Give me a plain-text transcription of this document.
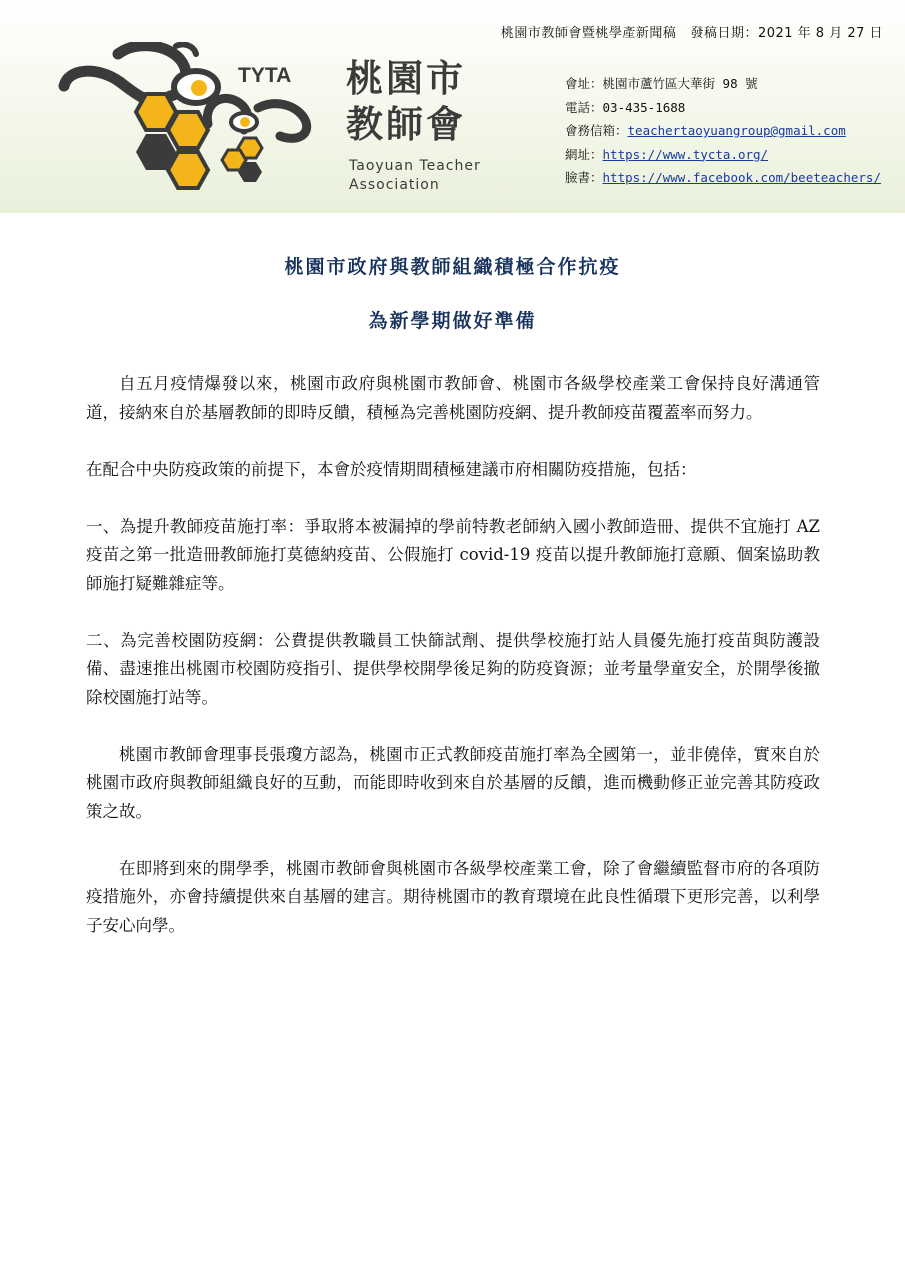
桃園市教師會暨桃學產新聞稿 發稿日期：2021 年 8 月 27 日
TYTA 桃園市
教師會
Taoyuan Teacher
Association
會址：桃園市蘆竹區大華街 98 號
電話：03-435-1688
會務信箱：teachertaoyuangroup@gmail.com
網址：https://www.tycta.org/
臉書：https://www.facebook.com/beeteachers/
桃園市政府與教師組織積極合作抗疫
為新學期做好準備

自五月疫情爆發以來，桃園市政府與桃園市教師會、桃園市各級學校產業工會保持良好溝通管道，接納來自於基層教師的即時反饋，積極為完善桃園防疫網、提升教師疫苗覆蓋率而努力。

在配合中央防疫政策的前提下，本會於疫情期間積極建議市府相關防疫措施，包括：

一、為提升教師疫苗施打率：爭取將本被漏掉的學前特教老師納入國小教師造冊、提供不宜施打 AZ 疫苗之第一批造冊教師施打莫德納疫苗、公假施打 covid-19 疫苗以提升教師施打意願、個案協助教師施打疑難雜症等。

二、為完善校園防疫網：公費提供教職員工快篩試劑、提供學校施打站人員優先施打疫苗與防護設備、盡速推出桃園市校園防疫指引、提供學校開學後足夠的防疫資源；並考量學童安全，於開學後撤除校園施打站等。

桃園市教師會理事長張瓊方認為，桃園市正式教師疫苗施打率為全國第一，並非僥倖，實來自於桃園市政府與教師組織良好的互動，而能即時收到來自於基層的反饋，進而機動修正並完善其防疫政策之故。

在即將到來的開學季，桃園市教師會與桃園市各級學校產業工會，除了會繼續監督市府的各項防疫措施外，亦會持續提供來自基層的建言。期待桃園市的教育環境在此良性循環下更形完善，以利學子安心向學。
